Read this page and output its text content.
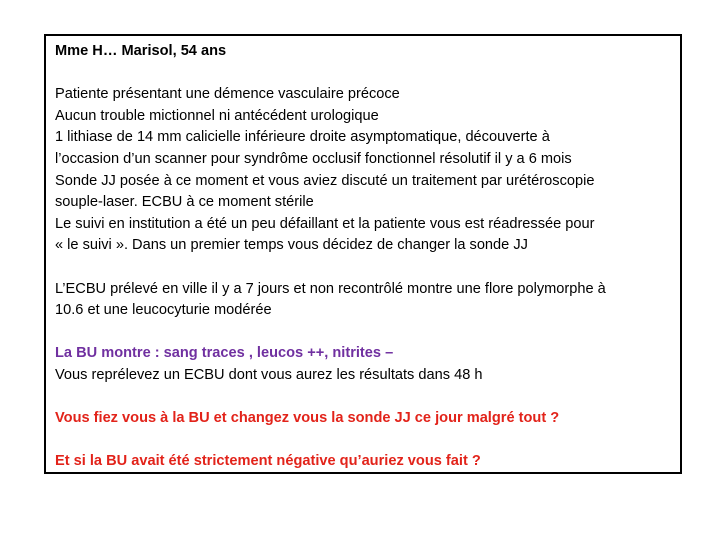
Mme H… Marisol, 54 ans
Patiente présentant une démence vasculaire précoce
Aucun trouble mictionnel ni antécédent urologique
1 lithiase de 14 mm calicielle inférieure droite asymptomatique, découverte à
l’occasion d’un scanner pour syndrôme occlusif fonctionnel résolutif il y a 6 mois
Sonde JJ posée à ce moment et vous aviez discuté un traitement par urétéroscopie
souple-laser. ECBU à ce moment stérile
Le suivi en institution a été un peu défaillant et la patiente vous est réadressée pour
« le suivi ». Dans un premier temps vous décidez de changer la sonde JJ
L’ECBU prélevé en ville il y a 7 jours et non recontrôlé montre une flore polymorphe à
10.6 et une leucocyturie modérée
La BU montre : sang traces , leucos ++, nitrites –
Vous reprélevez un ECBU dont vous aurez les résultats dans 48 h
Vous fiez vous à la BU et changez vous la sonde JJ ce jour malgré tout ?
Et si la BU avait été strictement négative qu’auriez vous fait ?
